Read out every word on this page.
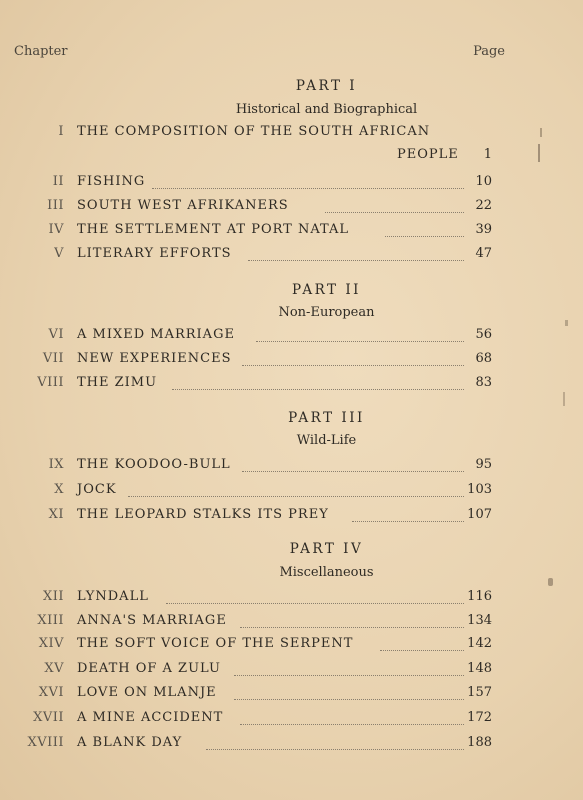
Chapter	Page
PART I
Historical and Biographical
I THE COMPOSITION OF THE SOUTH AFRICAN
PEOPLE 1
II FISHING	10
III SOUTH WEST AFRIKANERS	22
IV THE SETTLEMENT AT PORT NATAL	39
V LITERARY EFFORTS	47
PART II
Non-European
VI A MIXED MARRIAGE	56
VII NEW EXPERIENCES	68
VIII THE ZIMU	83
PART III
Wild-Life
IX THE KOODOO-BULL	95
X JOCK	103
XI THE LEOPARD STALKS ITS PREY	107
PART IV
Miscellaneous
XII LYNDALL	116
XIII ANNA'S MARRIAGE	134
XIV THE SOFT VOICE OF THE SERPENT	142
XV DEATH OF A ZULU	148
XVI LOVE ON MLANJE	157
XVII A MINE ACCIDENT	172
XVIII A BLANK DAY	188
